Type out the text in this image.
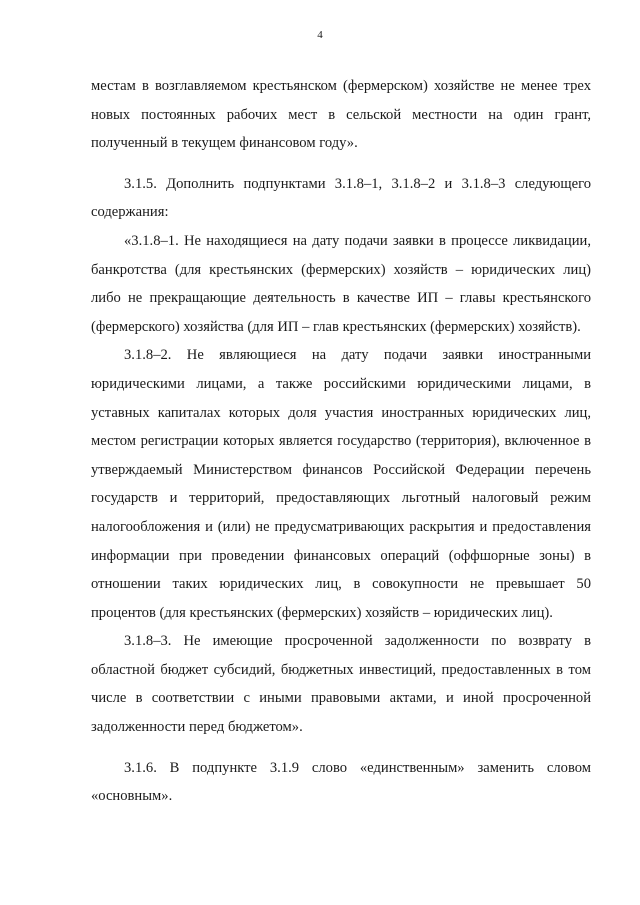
4

местам в возглавляемом крестьянском (фермерском) хозяйстве не менее трех новых постоянных рабочих мест в сельской местности на один грант, полученный в текущем финансовом году».

3.1.5. Дополнить подпунктами 3.1.8–1, 3.1.8–2 и 3.1.8–3 следующего содержания:

«3.1.8–1. Не находящиеся на дату подачи заявки в процессе ликвидации, банкротства (для крестьянских (фермерских) хозяйств – юридических лиц) либо не прекращающие деятельность в качестве ИП – главы крестьянского (фермерского) хозяйства (для ИП – глав крестьянских (фермерских) хозяйств).

3.1.8–2. Не являющиеся на дату подачи заявки иностранными юридическими лицами, а также российскими юридическими лицами, в уставных капиталах которых доля участия иностранных юридических лиц, местом регистрации которых является государство (территория), включенное в утверждаемый Министерством финансов Российской Федерации перечень государств и территорий, предоставляющих льготный налоговый режим налогообложения и (или) не предусматривающих раскрытия и предоставления информации при проведении финансовых операций (оффшорные зоны) в отношении таких юридических лиц, в совокупности не превышает 50 процентов (для крестьянских (фермерских) хозяйств – юридических лиц).

3.1.8–3. Не имеющие просроченной задолженности по возврату в областной бюджет субсидий, бюджетных инвестиций, предоставленных в том числе в соответствии с иными правовыми актами, и иной просроченной задолженности перед бюджетом».

3.1.6. В подпункте 3.1.9 слово «единственным» заменить словом «основным».
